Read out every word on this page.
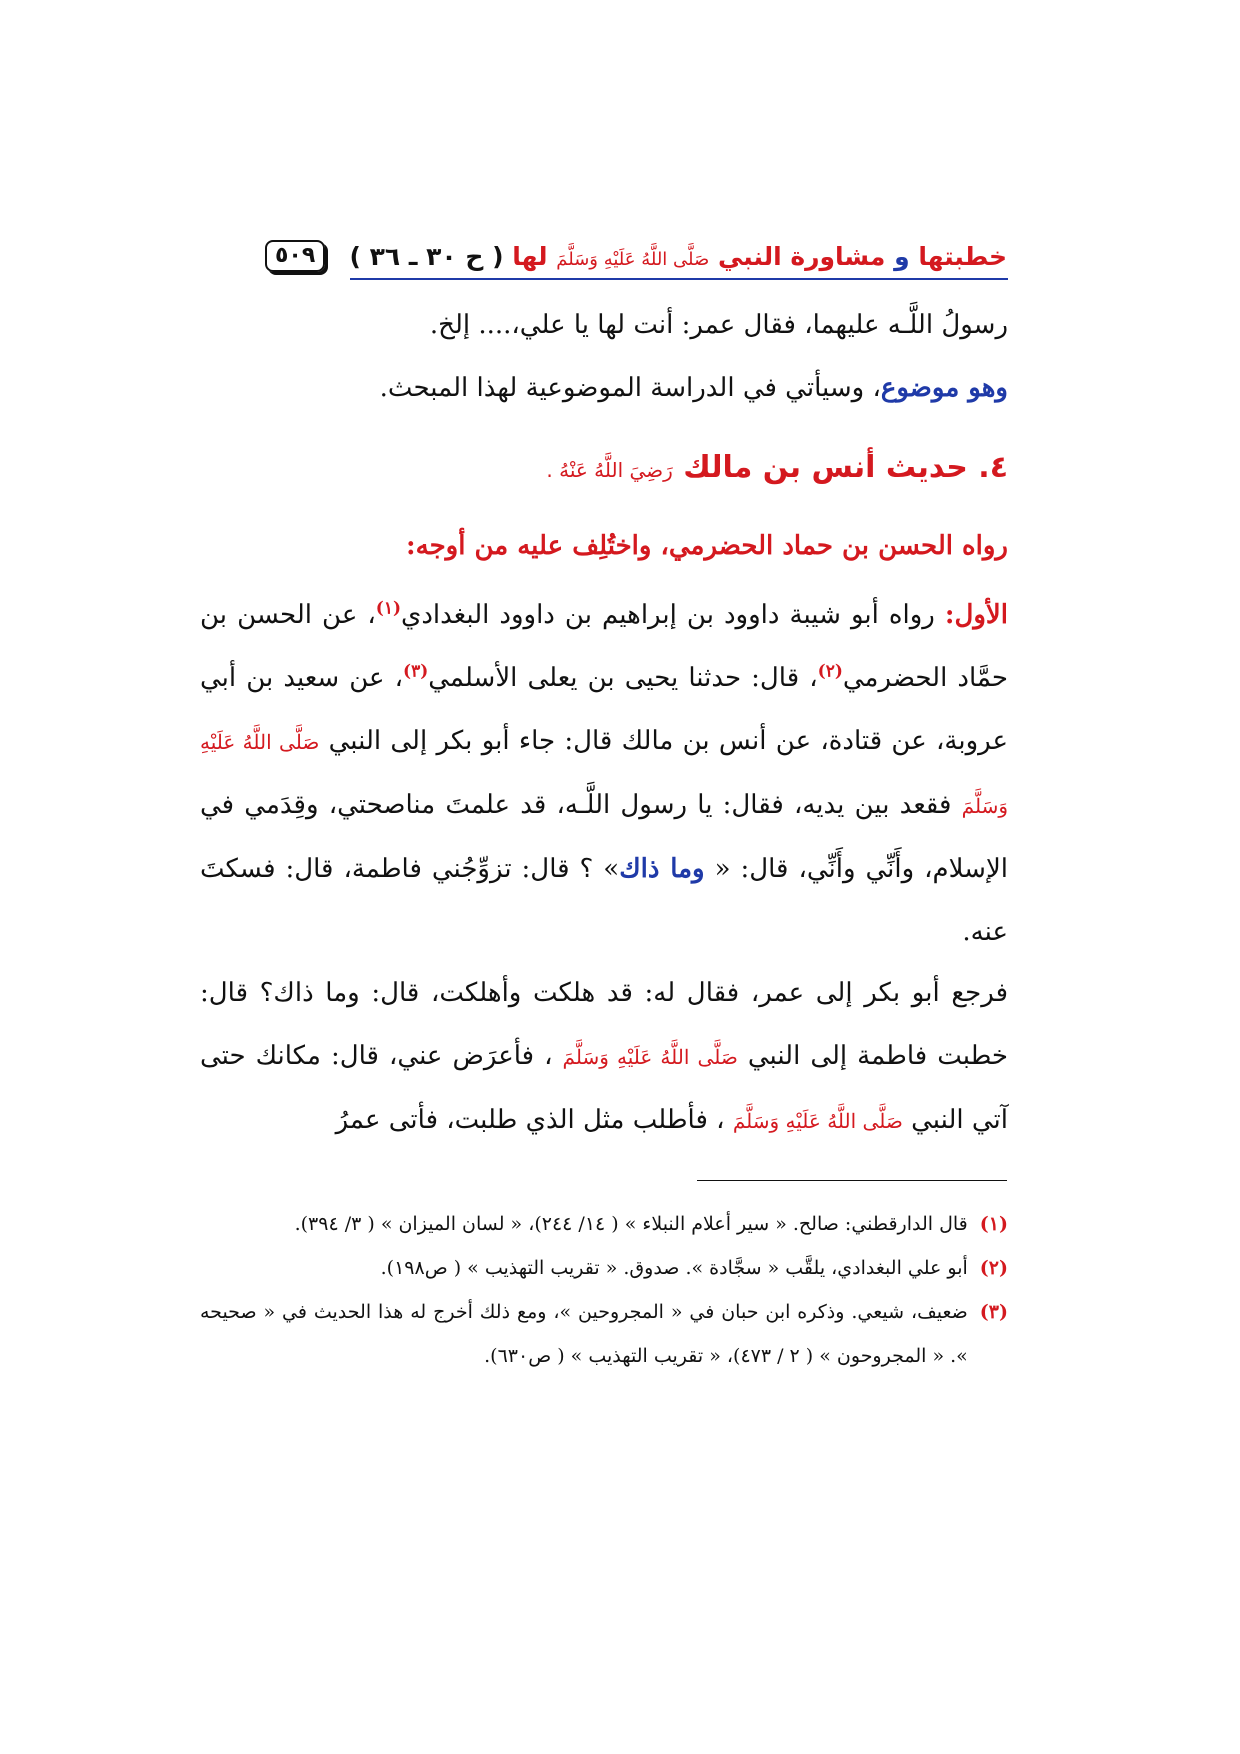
خطبتها و مشاورة النبي صَلَّى اللَّهُ عَلَيْهِ وَسَلَّمَ لها ( ح ٣٠ ـ ٣٦ )
٥٠٩
رسولُ اللَّـه عليهما، فقال عمر: أنت لها يا علي،.... إلخ.
وهو موضوع، وسيأتي في الدراسة الموضوعية لهذا المبحث.
٤. حديث أنس بن مالك رَضِيَ اللَّهُ عَنْهُ .
رواه الحسن بن حماد الحضرمي، واختُلِف عليه من أوجه:
الأول: رواه أبو شيبة داوود بن إبراهيم بن داوود البغدادي$^{(١)}$، عن الحسن بن حمَّاد الحضرمي$^{(٢)}$، قال: حدثنا يحيى بن يعلى الأسلمي$^{(٣)}$، عن سعيد بن أبي عروبة، عن قتادة، عن أنس بن مالك قال: جاء أبو بكر إلى النبي صَلَّى اللَّهُ عَلَيْهِ وَسَلَّمَ فقعد بين يديه، فقال: يا رسول اللَّـه، قد علمتَ مناصحتي، وقِدَمي في الإسلام، وأَنِّي وأَنِّي، قال: « وما ذاك» ؟ قال: تزوِّجُني فاطمة، قال: فسكتَ عنه.
فرجع أبو بكر إلى عمر، فقال له: قد هلكت وأهلكت، قال: وما ذاك؟ قال: خطبت فاطمة إلى النبي صَلَّى اللَّهُ عَلَيْهِ وَسَلَّمَ ، فأعرَض عني، قال: مكانك حتى آتي النبي صَلَّى اللَّهُ عَلَيْهِ وَسَلَّمَ ، فأطلب مثل الذي طلبت، فأتى عمرُ
(١)
قال الدارقطني: صالح. « سير أعلام النبلاء » ( ١٤/ ٢٤٤)، « لسان الميزان » ( ٣/ ٣٩٤).
(٢)
أبو علي البغدادي، يلقَّب « سجَّادة ». صدوق. « تقريب التهذيب » ( ص١٩٨).
(٣)
ضعيف، شيعي. وذكره ابن حبان في « المجروحين »، ومع ذلك أخرج له هذا الحديث في « صحيحه ». « المجروحون » ( ٢ / ٤٧٣)، « تقريب التهذيب » ( ص٦٣٠).
